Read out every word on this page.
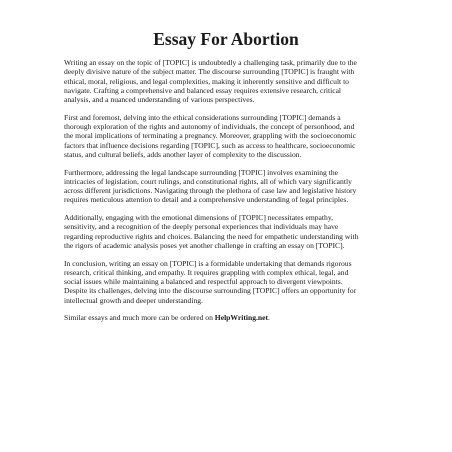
Essay For Abortion

Writing an essay on the topic of [TOPIC] is undoubtedly a challenging task, primarily due to the
deeply divisive nature of the subject matter. The discourse surrounding [TOPIC] is fraught with
ethical, moral, religious, and legal complexities, making it inherently sensitive and difficult to
navigate. Crafting a comprehensive and balanced essay requires extensive research, critical
analysis, and a nuanced understanding of various perspectives.

First and foremost, delving into the ethical considerations surrounding [TOPIC] demands a
thorough exploration of the rights and autonomy of individuals, the concept of personhood, and
the moral implications of terminating a pregnancy. Moreover, grappling with the socioeconomic
factors that influence decisions regarding [TOPIC], such as access to healthcare, socioeconomic
status, and cultural beliefs, adds another layer of complexity to the discussion.

Furthermore, addressing the legal landscape surrounding [TOPIC] involves examining the
intricacies of legislation, court rulings, and constitutional rights, all of which vary significantly
across different jurisdictions. Navigating through the plethora of case law and legislative history
requires meticulous attention to detail and a comprehensive understanding of legal principles.

Additionally, engaging with the emotional dimensions of [TOPIC] necessitates empathy,
sensitivity, and a recognition of the deeply personal experiences that individuals may have
regarding reproductive rights and choices. Balancing the need for empathetic understanding with
the rigors of academic analysis poses yet another challenge in crafting an essay on [TOPIC].

In conclusion, writing an essay on [TOPIC] is a formidable undertaking that demands rigorous
research, critical thinking, and empathy. It requires grappling with complex ethical, legal, and
social issues while maintaining a balanced and respectful approach to divergent viewpoints.
Despite its challenges, delving into the discourse surrounding [TOPIC] offers an opportunity for
intellectual growth and deeper understanding.

Similar essays and much more can be ordered on HelpWriting.net.
